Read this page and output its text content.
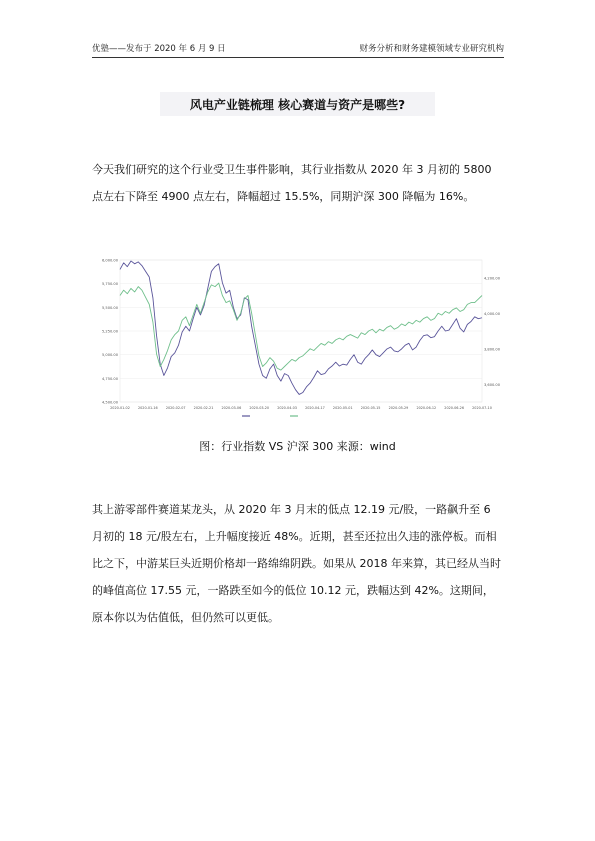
优塾——发布于 2020 年 6 月 9 日	财务分析和财务建模领域专业研究机构
风电产业链梳理 核心赛道与资产是哪些?
今天我们研究的这个行业受卫生事件影响，其行业指数从 2020 年 3 月初的 5800 点左右下降至 4900 点左右，降幅超过 15.5%，同期沪深 300 降幅为 16%。
6,000.00
5,750.00
5,500.00
5,250.00
5,000.00
4,750.00
4,500.00
4,200.00
4,000.00
3,800.00
3,600.00
2020-01-02 2020-01-16 2020-02-07 2020-02-21 2020-03-06 2020-03-20 2020-04-03 2020-04-17 2020-05-01 2020-05-15 2020-05-29 2020-06-12 2020-06-26 2020-07-10
图：行业指数 VS 沪深 300 来源：wind
其上游零部件赛道某龙头，从 2020 年 3 月末的低点 12.19 元/股，一路飙升至 6 月初的 18 元/股左右，上升幅度接近 48%。近期，甚至还拉出久违的涨停板。而相比之下，中游某巨头近期价格却一路绵绵阴跌。如果从 2018 年来算，其已经从当时的峰值高位 17.55 元，一路跌至如今的低位 10.12 元，跌幅达到 42%。这期间，原本你以为估值低，但仍然可以更低。
